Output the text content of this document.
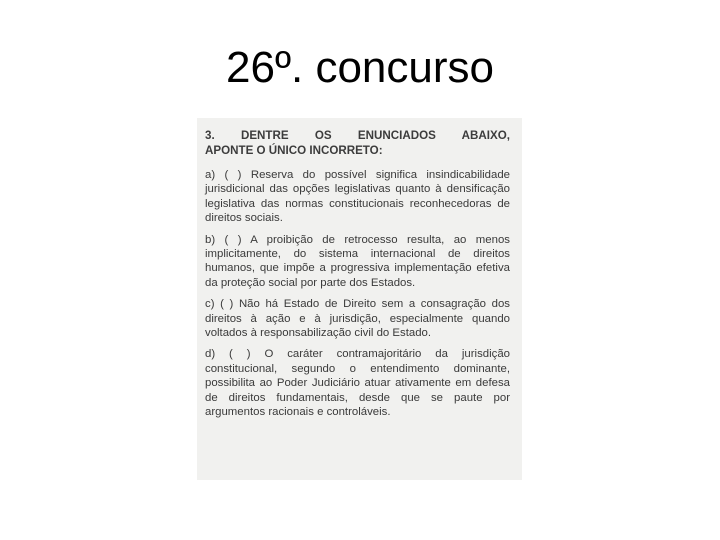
26º. concurso
3. DENTRE OS ENUNCIADOS ABAIXO,
APONTE O ÚNICO INCORRETO:
a) ( ) Reserva do possível significa insindicabilidade jurisdicional das opções legislativas quanto à densificação legislativa das normas constitucionais reconhecedoras de direitos sociais.
b) ( ) A proibição de retrocesso resulta, ao menos implicitamente, do sistema internacional de direitos humanos, que impõe a progressiva implementação efetiva da proteção social por parte dos Estados.
c) ( ) Não há Estado de Direito sem a consagração dos direitos à ação e à jurisdição, especialmente quando voltados à responsabilização civil do Estado.
d) ( ) O caráter contramajoritário da jurisdição constitucional, segundo o entendimento dominante, possibilita ao Poder Judiciário atuar ativamente em defesa de direitos fundamentais, desde que se paute por argumentos racionais e controláveis.
